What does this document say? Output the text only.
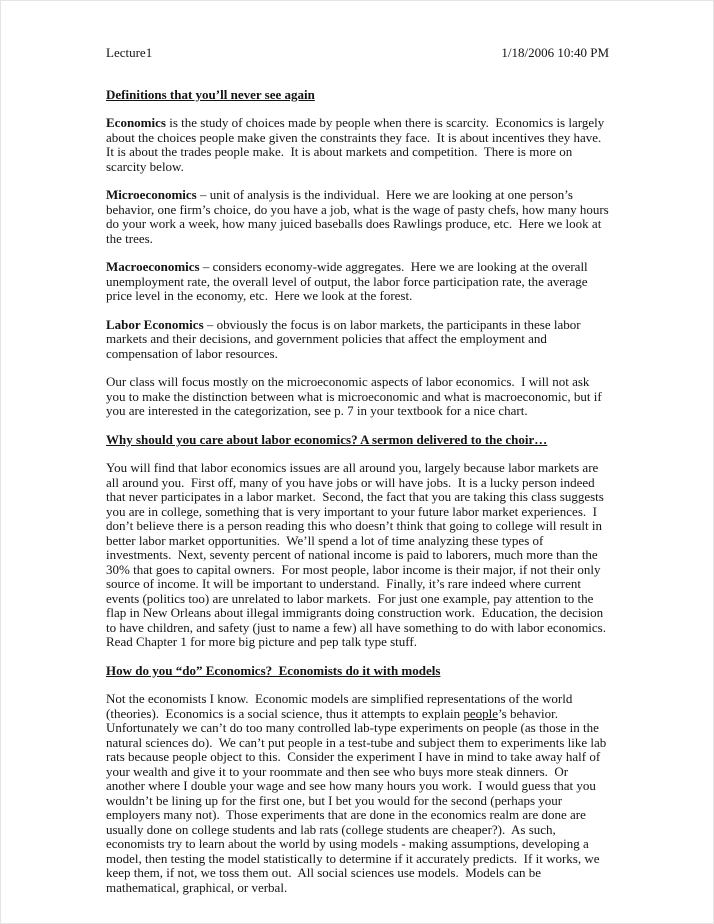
Lecture1	1/18/2006 10:40 PM
Definitions that you’ll never see again

Economics is the study of choices made by people when there is scarcity.  Economics is largely about the choices people make given the constraints they face.  It is about incentives they have.  It is about the trades people make.  It is about markets and competition.  There is more on scarcity below.

Microeconomics – unit of analysis is the individual.  Here we are looking at one person’s behavior, one firm’s choice, do you have a job, what is the wage of pasty chefs, how many hours do your work a week, how many juiced baseballs does Rawlings produce, etc.  Here we look at the trees.

Macroeconomics – considers economy-wide aggregates.  Here we are looking at the overall unemployment rate, the overall level of output, the labor force participation rate, the average price level in the economy, etc.  Here we look at the forest.

Labor Economics – obviously the focus is on labor markets, the participants in these labor markets and their decisions, and government policies that affect the employment and compensation of labor resources.

Our class will focus mostly on the microeconomic aspects of labor economics.  I will not ask you to make the distinction between what is microeconomic and what is macroeconomic, but if you are interested in the categorization, see p. 7 in your textbook for a nice chart.

Why should you care about labor economics? A sermon delivered to the choir…

You will find that labor economics issues are all around you, largely because labor markets are all around you.  First off, many of you have jobs or will have jobs.  It is a lucky person indeed that never participates in a labor market.  Second, the fact that you are taking this class suggests you are in college, something that is very important to your future labor market experiences.  I don’t believe there is a person reading this who doesn’t think that going to college will result in better labor market opportunities.  We’ll spend a lot of time analyzing these types of investments.  Next, seventy percent of national income is paid to laborers, much more than the 30% that goes to capital owners.  For most people, labor income is their major, if not their only source of income. It will be important to understand.  Finally, it’s rare indeed where current events (politics too) are unrelated to labor markets.  For just one example, pay attention to the flap in New Orleans about illegal immigrants doing construction work.  Education, the decision to have children, and safety (just to name a few) all have something to do with labor economics.  Read Chapter 1 for more big picture and pep talk type stuff.

How do you “do” Economics?  Economists do it with models

Not the economists I know.  Economic models are simplified representations of the world (theories).  Economics is a social science, thus it attempts to explain people’s behavior.  Unfortunately we can’t do too many controlled lab-type experiments on people (as those in the natural sciences do).  We can’t put people in a test-tube and subject them to experiments like lab rats because people object to this.  Consider the experiment I have in mind to take away half of your wealth and give it to your roommate and then see who buys more steak dinners.  Or another where I double your wage and see how many hours you work.  I would guess that you wouldn’t be lining up for the first one, but I bet you would for the second (perhaps your employers many not).  Those experiments that are done in the economics realm are done are usually done on college students and lab rats (college students are cheaper?).  As such, economists try to learn about the world by using models - making assumptions, developing a model, then testing the model statistically to determine if it accurately predicts.  If it works, we keep them, if not, we toss them out.  All social sciences use models.  Models can be mathematical, graphical, or verbal.
